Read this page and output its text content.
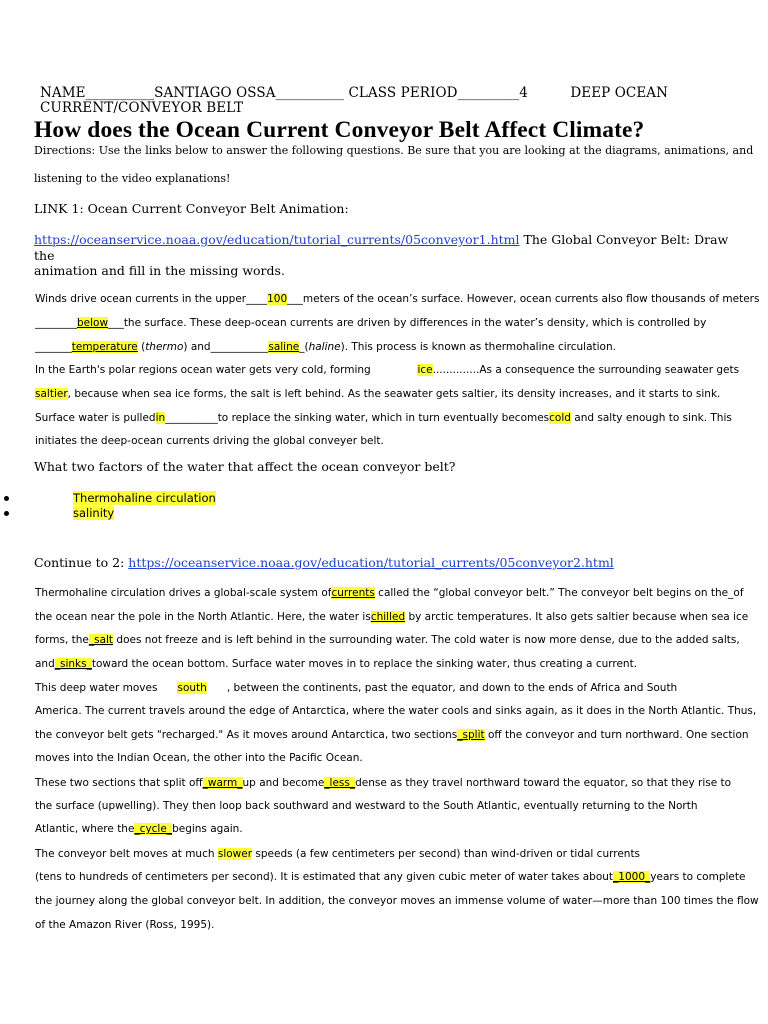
NAME__________SANTIAGO OSSA__________ CLASS PERIOD_________4	DEEP OCEAN
CURRENT/CONVEYOR BELT
How does the Ocean Current Conveyor Belt Affect Climate?
Directions: Use the links below to answer the following questions. Be sure that you are looking at the diagrams, animations, and
listening to the video explanations!
LINK 1: Ocean Current Conveyor Belt Animation:
https://oceanservice.noaa.gov/education/tutorial_currents/05conveyor1.html The Global Conveyor Belt: Draw the
animation and fill in the missing words.
Winds drive ocean currents in the upper____100___meters of the ocean’s surface. However, ocean currents also flow thousands of meters
________below___the surface. These deep-ocean currents are driven by differences in the water’s density, which is controlled by
_______temperature (thermo) and___________saline_(haline). This process is known as thermohaline circulation.
In the Earth's polar regions ocean water gets very cold, forming              ice..............As a consequence the surrounding seawater gets
saltier, because when sea ice forms, the salt is left behind. As the seawater gets saltier, its density increases, and it starts to sink.
Surface water is pulledin__________to replace the sinking water, which in turn eventually becomescold and salty enough to sink. This
initiates the deep-ocean currents driving the global conveyer belt.
What two factors of the water that affect the ocean conveyor belt?
Thermohaline circulation
salinity
Continue to 2: https://oceanservice.noaa.gov/education/tutorial_currents/05conveyor2.html
Thermohaline circulation drives a global-scale system ofcurrents called the “global conveyor belt.” The conveyor belt begins on the_of
the ocean near the pole in the North Atlantic. Here, the water ischilled by arctic temperatures. It also gets saltier because when sea ice
forms, the_salt does not freeze and is left behind in the surrounding water. The cold water is now more dense, due to the added salts,
and_sinks_toward the ocean bottom. Surface water moves in to replace the sinking water, thus creating a current.
This deep water moves      south      , between the continents, past the equator, and down to the ends of Africa and South
America. The current travels around the edge of Antarctica, where the water cools and sinks again, as it does in the North Atlantic. Thus,
the conveyor belt gets "recharged." As it moves around Antarctica, two sections_split off the conveyor and turn northward. One section
moves into the Indian Ocean, the other into the Pacific Ocean.
These two sections that split off_warm_up and become_less_dense as they travel northward toward the equator, so that they rise to
the surface (upwelling). They then loop back southward and westward to the South Atlantic, eventually returning to the North
Atlantic, where the_cycle_begins again.
The conveyor belt moves at much slower speeds (a few centimeters per second) than wind-driven or tidal currents
(tens to hundreds of centimeters per second). It is estimated that any given cubic meter of water takes about_1000_years to complete
the journey along the global conveyor belt. In addition, the conveyor moves an immense volume of water—more than 100 times the flow
of the Amazon River (Ross, 1995).
